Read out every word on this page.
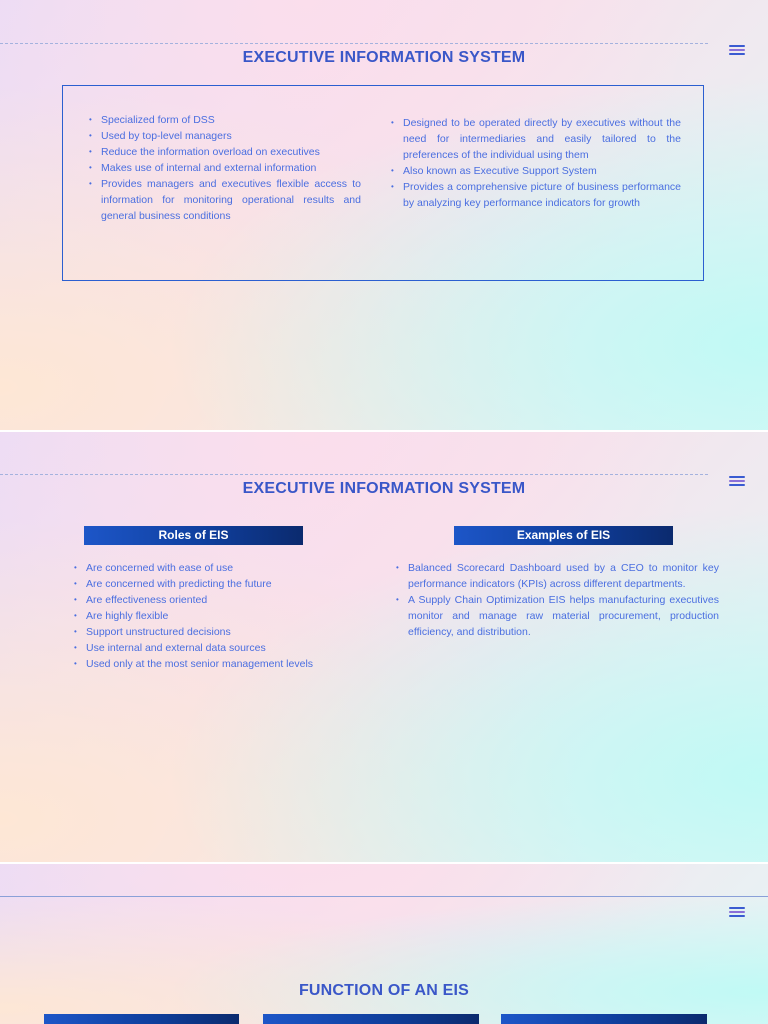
EXECUTIVE INFORMATION SYSTEM
• Specialized form of DSS
• Used by top-level managers
• Reduce the information overload on executives
• Makes use of internal and external information
• Provides managers and executives flexible access to information for monitoring operational results and general business conditions
• Designed to be operated directly by executives without the need for intermediaries and easily tailored to the preferences of the individual using them
• Also known as Executive Support System
• Provides a comprehensive picture of business performance by analyzing key performance indicators for growth
EXECUTIVE INFORMATION SYSTEM
Roles of EIS	Examples of EIS
• Are concerned with ease of use
• Are concerned with predicting the future
• Are effectiveness oriented
• Are highly flexible
• Support unstructured decisions
• Use internal and external data sources
• Used only at the most senior management levels
• Balanced Scorecard Dashboard used by a CEO to monitor key performance indicators (KPIs) across different departments.
• A Supply Chain Optimization EIS helps manufacturing executives monitor and manage raw material procurement, production efficiency, and distribution.
FUNCTION OF AN EIS
